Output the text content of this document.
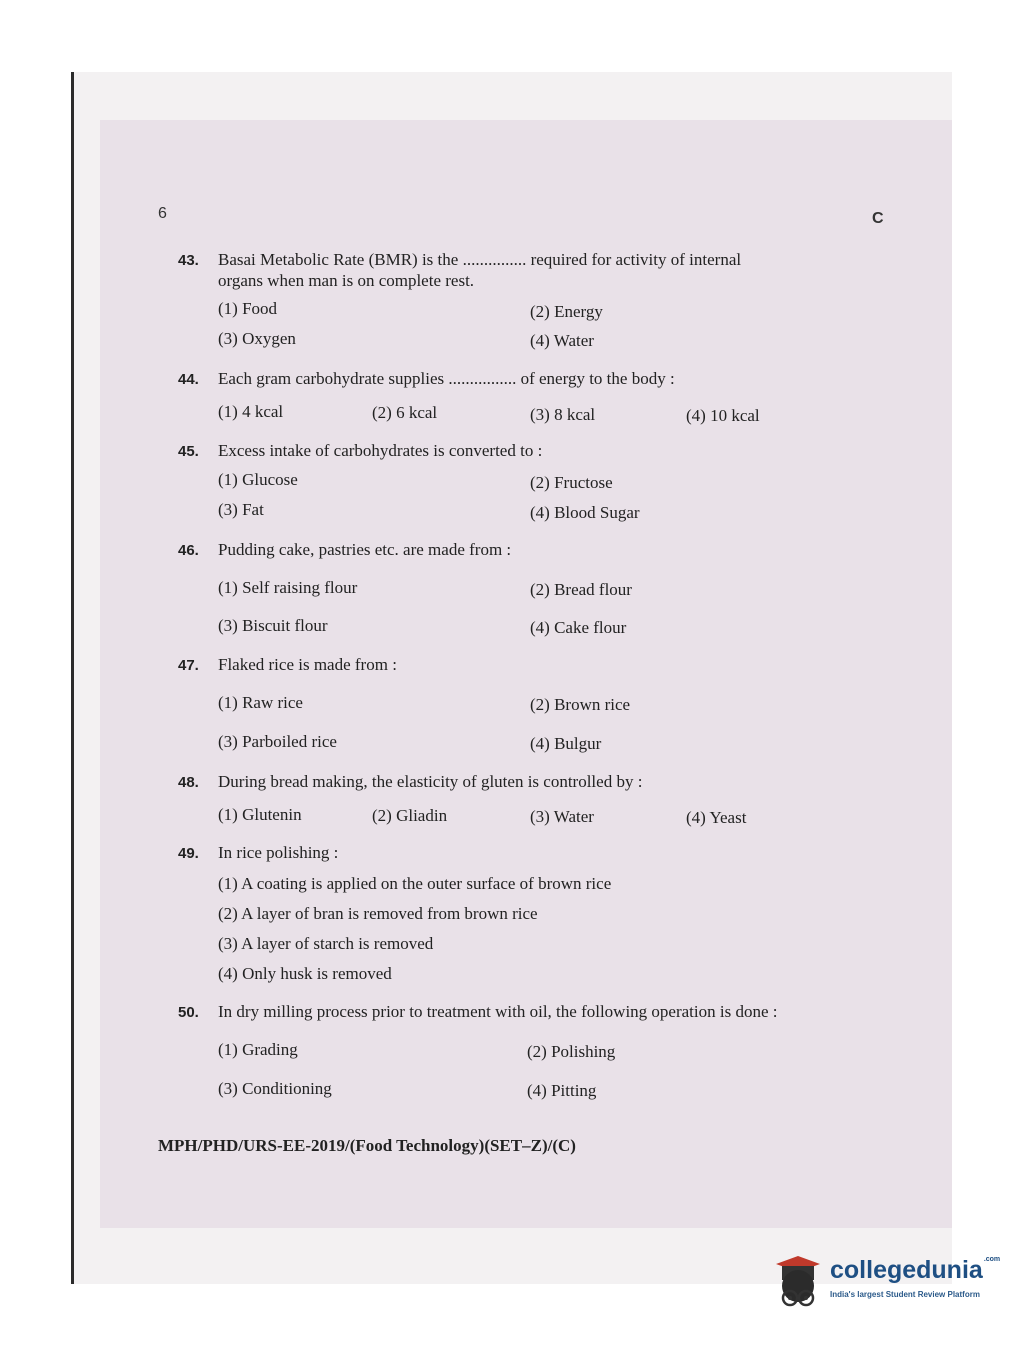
6	C
43. Basai Metabolic Rate (BMR) is the ............... required for activity of internal
organs when man is on complete rest.
(1) Food	(2) Energy
(3) Oxygen	(4) Water
44. Each gram carbohydrate supplies ................ of energy to the body :
(1) 4 kcal	(2) 6 kcal	(3) 8 kcal	(4) 10 kcal
45. Excess intake of carbohydrates is converted to :
(1) Glucose	(2) Fructose
(3) Fat	(4) Blood Sugar
46. Pudding cake, pastries etc. are made from :
(1) Self raising flour	(2) Bread flour
(3) Biscuit flour	(4) Cake flour
47. Flaked rice is made from :
(1) Raw rice	(2) Brown rice
(3) Parboiled rice	(4) Bulgur
48. During bread making, the elasticity of gluten is controlled by :
(1) Glutenin	(2) Gliadin	(3) Water	(4) Yeast
49. In rice polishing :
(1) A coating is applied on the outer surface of brown rice
(2) A layer of bran is removed from brown rice
(3) A layer of starch is removed
(4) Only husk is removed
50. In dry milling process prior to treatment with oil, the following operation is done :
(1) Grading	(2) Polishing
(3) Conditioning	(4) Pitting
MPH/PHD/URS-EE-2019/(Food Technology)(SET–Z)/(C)
collegedunia$^{.com}$
India's largest Student Review Platform
